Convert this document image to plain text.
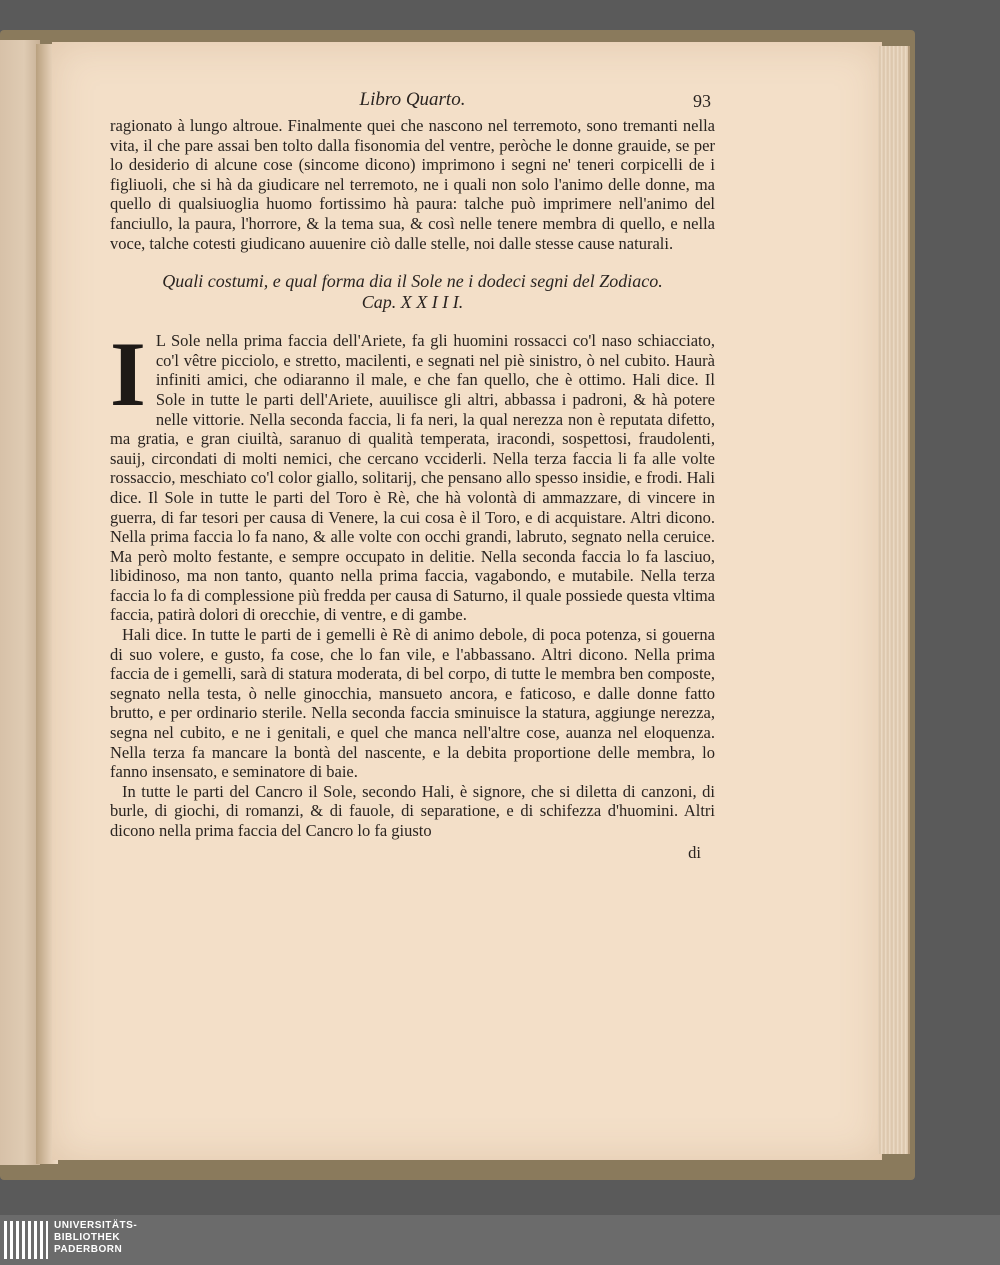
Libro Quarto.	93

ragionato à lungo altroue. Finalmente quei che nascono nel terremoto, sono tremanti nella vita, il che pare assai ben tolto dalla fisonomia del ventre, peròche le donne grauide, se per lo desiderio di alcune cose (sincome dicono) imprimono i segni ne' teneri corpicelli de i figliuoli, che si hà da giudicare nel terremoto, ne i quali non solo l'animo delle donne, ma quello di qualsiuoglia huomo fortissimo hà paura: talche può imprimere nell'animo del fanciullo, la paura, l'horrore, & la tema sua, & così nelle tenere membra di quello, e nella voce, talche cotesti giudicano auuenire ciò dalle stelle, noi dalle stesse cause naturali.

Quali costumi, e qual forma dia il Sole ne i dodeci segni del Zodiaco.
Cap. X X I I I.
I L Sole nella prima faccia dell'Ariete, fa gli huomini rossacci co'l naso schiacciato, co'l vêtre picciolo, e stretto, macilenti, e segnati nel piè sinistro, ò nel cubito. Haurà infiniti amici, che odiaranno il male, e che fan quello, che è ottimo. Hali dice. Il Sole in tutte le parti dell'Ariete, auuilisce gli altri, abbassa i padroni, & hà potere nelle vittorie. Nella seconda faccia, li fa neri, la qual nerezza non è reputata difetto, ma gratia, e gran ciuiltà, saranuo di qualità temperata, iracondi, sospettosi, fraudolenti, sauij, circondati di molti nemici, che cercano vcciderli. Nella terza faccia li fa alle volte rossaccio, meschiato co'l color giallo, solitarij, che pensano allo spesso insidie, e frodi. Hali dice. Il Sole in tutte le parti del Toro è Rè, che hà volontà di ammazzare, di vincere in guerra, di far tesori per causa di Venere, la cui cosa è il Toro, e di acquistare. Altri dicono. Nella prima faccia lo fa nano, & alle volte con occhi grandi, labruto, segnato nella ceruice. Ma però molto festante, e sempre occupato in delitie. Nella seconda faccia lo fa lasciuo, libidinoso, ma non tanto, quanto nella prima faccia, vagabondo, e mutabile. Nella terza faccia lo fa di complessione più fredda per causa di Saturno, il quale possiede questa vltima faccia, patirà dolori di orecchie, di ventre, e di gambe.

Hali dice. In tutte le parti de i gemelli è Rè di animo debole, di poca potenza, si gouerna di suo volere, e gusto, fa cose, che lo fan vile, e l'abbassano. Altri dicono. Nella prima faccia de i gemelli, sarà di statura moderata, di bel corpo, di tutte le membra ben composte, segnato nella testa, ò nelle ginocchia, mansueto ancora, e faticoso, e dalle donne fatto brutto, e per ordinario sterile. Nella seconda faccia sminuisce la statura, aggiunge nerezza, segna nel cubito, e ne i genitali, e quel che manca nell'altre cose, auanza nel eloquenza. Nella terza fa mancare la bontà del nascente, e la debita proportione delle membra, lo fanno insensato, e seminatore di baie.

In tutte le parti del Cancro il Sole, secondo Hali, è signore, che si diletta di canzoni, di burle, di giochi, di romanzi, & di fauole, di separatione, e di schifezza d'huomini. Altri dicono nella prima faccia del Cancro lo fa giusto

di
UNIVERSITÄTS-
BIBLIOTHEK
PADERBORN
